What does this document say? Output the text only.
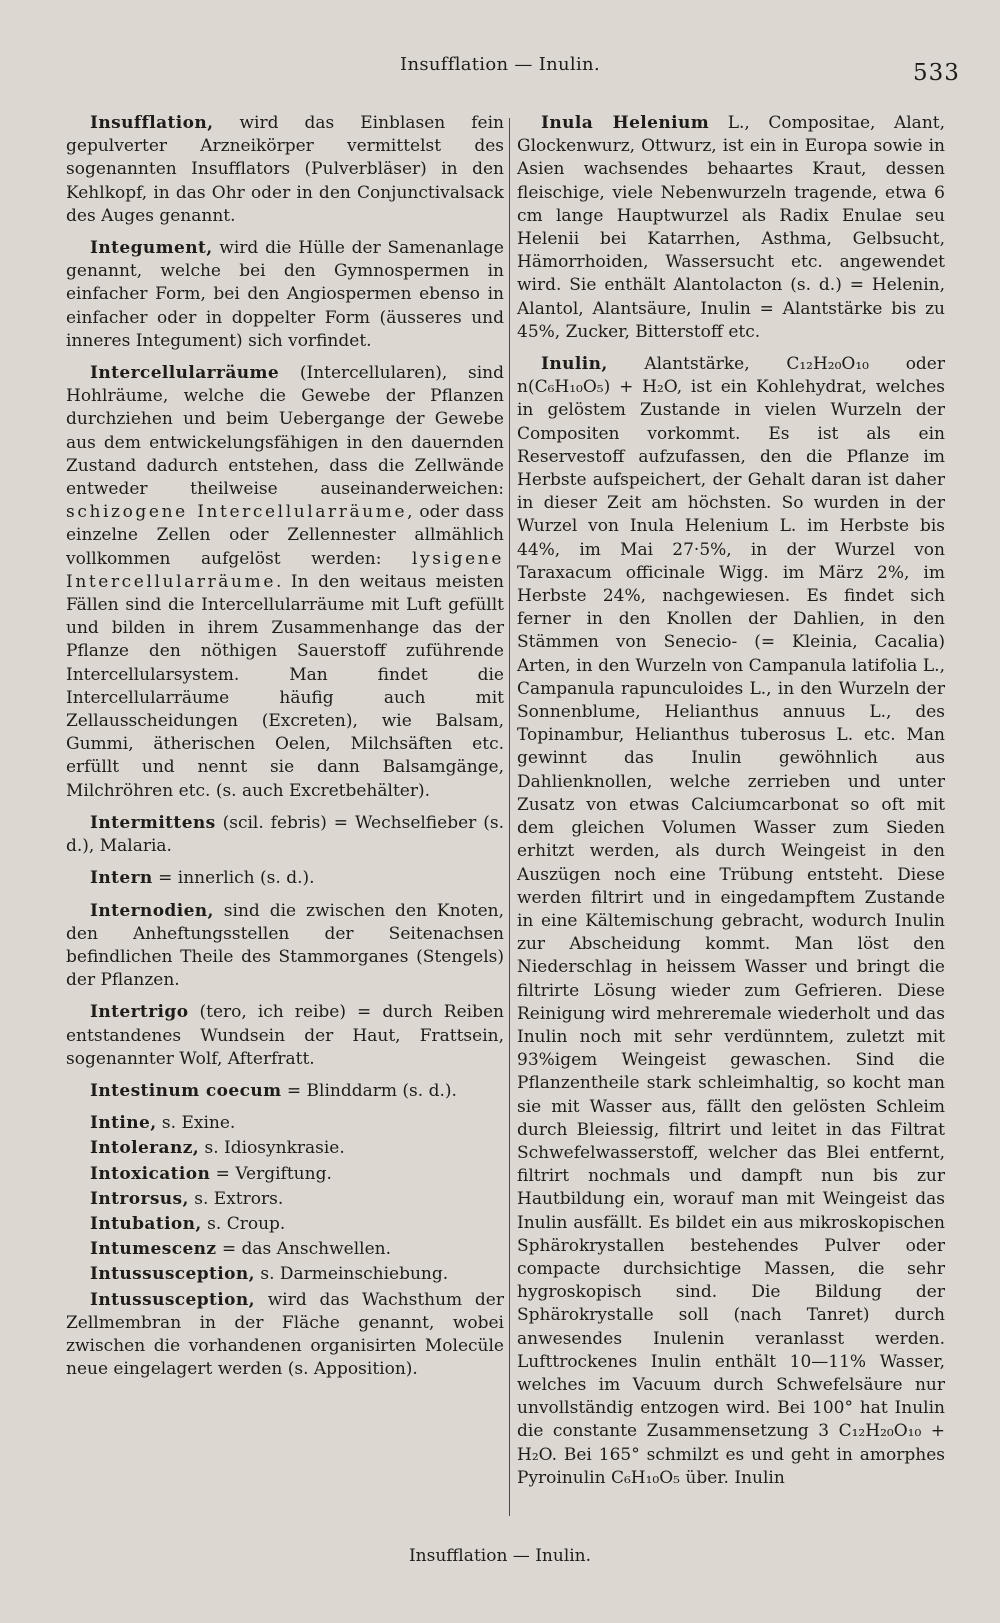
Insufflation — Inulin.	533

Insufflation, wird das Einblasen fein gepulverter Arzneikörper vermittelst des sogenannten Insufflators (Pulverbläser) in den Kehlkopf, in das Ohr oder in den Conjunctivalsack des Auges genannt.

Integument, wird die Hülle der Samenanlage genannt, welche bei den Gymnospermen in einfacher Form, bei den Angiospermen ebenso in einfacher oder in doppelter Form (äusseres und inneres Integument) sich vorfindet.

Intercellularräume (Intercellularen), sind Hohlräume, welche die Gewebe der Pflanzen durchziehen und beim Uebergange der Gewebe aus dem entwickelungsfähigen in den dauernden Zustand dadurch entstehen, dass die Zellwände entweder theilweise auseinanderweichen: schizogene Intercellularräume, oder dass einzelne Zellen oder Zellennester allmählich vollkommen aufgelöst werden: lysigene Intercellularräume. In den weitaus meisten Fällen sind die Intercellularräume mit Luft gefüllt und bilden in ihrem Zusammenhange das der Pflanze den nöthigen Sauerstoff zuführende Intercellularsystem. Man findet die Intercellularräume häufig auch mit Zellausscheidungen (Excreten), wie Balsam, Gummi, ätherischen Oelen, Milchsäften etc. erfüllt und nennt sie dann Balsamgänge, Milchröhren etc. (s. auch Excretbehälter).

Intermittens (scil. febris) = Wechselfieber (s. d.), Malaria.

Intern = innerlich (s. d.).

Internodien, sind die zwischen den Knoten, den Anheftungsstellen der Seitenachsen befindlichen Theile des Stammorganes (Stengels) der Pflanzen.

Intertrigo (tero, ich reibe) = durch Reiben entstandenes Wundsein der Haut, Frattsein, sogenannter Wolf, Afterfratt.

Intestinum coecum = Blinddarm (s. d.).

Intine, s. Exine.

Intoleranz, s. Idiosynkrasie.

Intoxication = Vergiftung.

Introrsus, s. Extrors.

Intubation, s. Croup.

Intumescenz = das Anschwellen.

Intussusception, s. Darmeinschiebung.

Intussusception, wird das Wachsthum der Zellmembran in der Fläche genannt, wobei zwischen die vorhandenen organisirten Molecüle neue eingelagert werden (s. Apposition).

Inula Helenium L., Compositae, Alant, Glockenwurz, Ottwurz, ist ein in Europa sowie in Asien wachsendes behaartes Kraut, dessen fleischige, viele Nebenwurzeln tragende, etwa 6 cm lange Hauptwurzel als Radix Enulae seu Helenii bei Katarrhen, Asthma, Gelbsucht, Hämorrhoiden, Wassersucht etc. angewendet wird. Sie enthält Alantolacton (s. d.) = Helenin, Alantol, Alantsäure, Inulin = Alantstärke bis zu 45%, Zucker, Bitterstoff etc.

Inulin, Alantstärke, C₁₂H₂₀O₁₀ oder n(C₆H₁₀O₅) + H₂O, ist ein Kohlehydrat, welches in gelöstem Zustande in vielen Wurzeln der Compositen vorkommt. Es ist als ein Reservestoff aufzufassen, den die Pflanze im Herbste aufspeichert, der Gehalt daran ist daher in dieser Zeit am höchsten. So wurden in der Wurzel von Inula Helenium L. im Herbste bis 44%, im Mai 27·5%, in der Wurzel von Taraxacum officinale Wigg. im März 2%, im Herbste 24%, nachgewiesen. Es findet sich ferner in den Knollen der Dahlien, in den Stämmen von Senecio- (= Kleinia, Cacalia) Arten, in den Wurzeln von Campanula latifolia L., Campanula rapunculoides L., in den Wurzeln der Sonnenblume, Helianthus annuus L., des Topinambur, Helianthus tuberosus L. etc. Man gewinnt das Inulin gewöhnlich aus Dahlienknollen, welche zerrieben und unter Zusatz von etwas Calciumcarbonat so oft mit dem gleichen Volumen Wasser zum Sieden erhitzt werden, als durch Weingeist in den Auszügen noch eine Trübung entsteht. Diese werden filtrirt und in eingedampftem Zustande in eine Kältemischung gebracht, wodurch Inulin zur Abscheidung kommt. Man löst den Niederschlag in heissem Wasser und bringt die filtrirte Lösung wieder zum Gefrieren. Diese Reinigung wird mehreremale wiederholt und das Inulin noch mit sehr verdünntem, zuletzt mit 93%igem Weingeist gewaschen. Sind die Pflanzentheile stark schleimhaltig, so kocht man sie mit Wasser aus, fällt den gelösten Schleim durch Bleiessig, filtrirt und leitet in das Filtrat Schwefelwasserstoff, welcher das Blei entfernt, filtrirt nochmals und dampft nun bis zur Hautbildung ein, worauf man mit Weingeist das Inulin ausfällt. Es bildet ein aus mikroskopischen Sphärokrystallen bestehendes Pulver oder compacte durchsichtige Massen, die sehr hygroskopisch sind. Die Bildung der Sphärokrystalle soll (nach Tanret) durch anwesendes Inulenin veranlasst werden. Lufttrockenes Inulin enthält 10—11% Wasser, welches im Vacuum durch Schwefelsäure nur unvollständig entzogen wird. Bei 100° hat Inulin die constante Zusammensetzung 3 C₁₂H₂₀O₁₀ + H₂O. Bei 165° schmilzt es und geht in amorphes Pyroinulin C₆H₁₀O₅ über. Inulin

Insufflation — Inulin.
